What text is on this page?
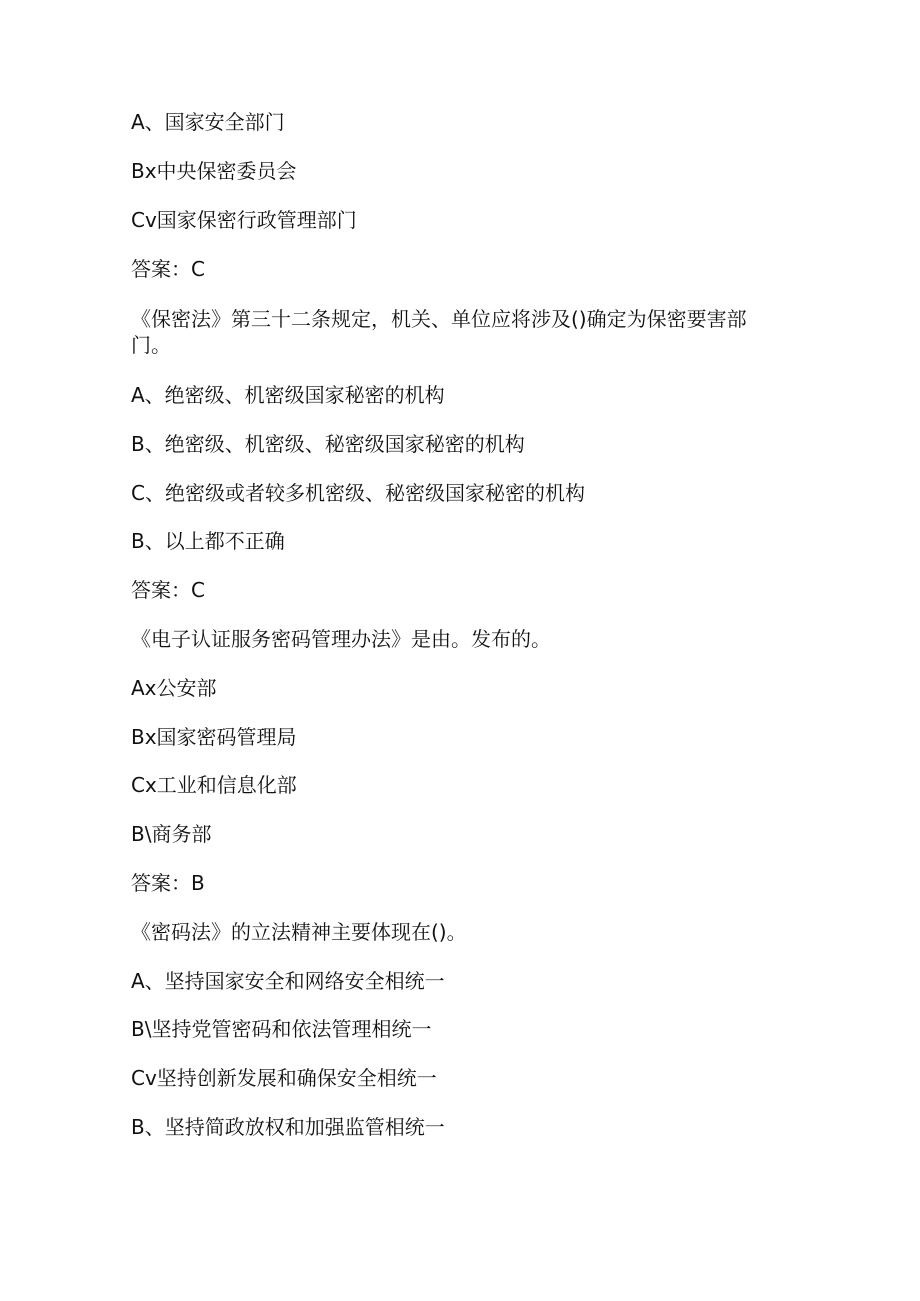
A、国家安全部门
Bx中央保密委员会
Cv国家保密行政管理部门
答案：C
《保密法》第三十二条规定，机关、单位应将涉及()确定为保密要害部门。
A、绝密级、机密级国家秘密的机构
B、绝密级、机密级、秘密级国家秘密的机构
C、绝密级或者较多机密级、秘密级国家秘密的机构
B、以上都不正确
答案：C
《电子认证服务密码管理办法》是由。发布的。
Ax公安部
Bx国家密码管理局
Cx工业和信息化部
B\商务部
答案：B
《密码法》的立法精神主要体现在()。
A、坚持国家安全和网络安全相统一
B\坚持党管密码和依法管理相统一
Cv坚持创新发展和确保安全相统一
B、坚持简政放权和加强监管相统一
